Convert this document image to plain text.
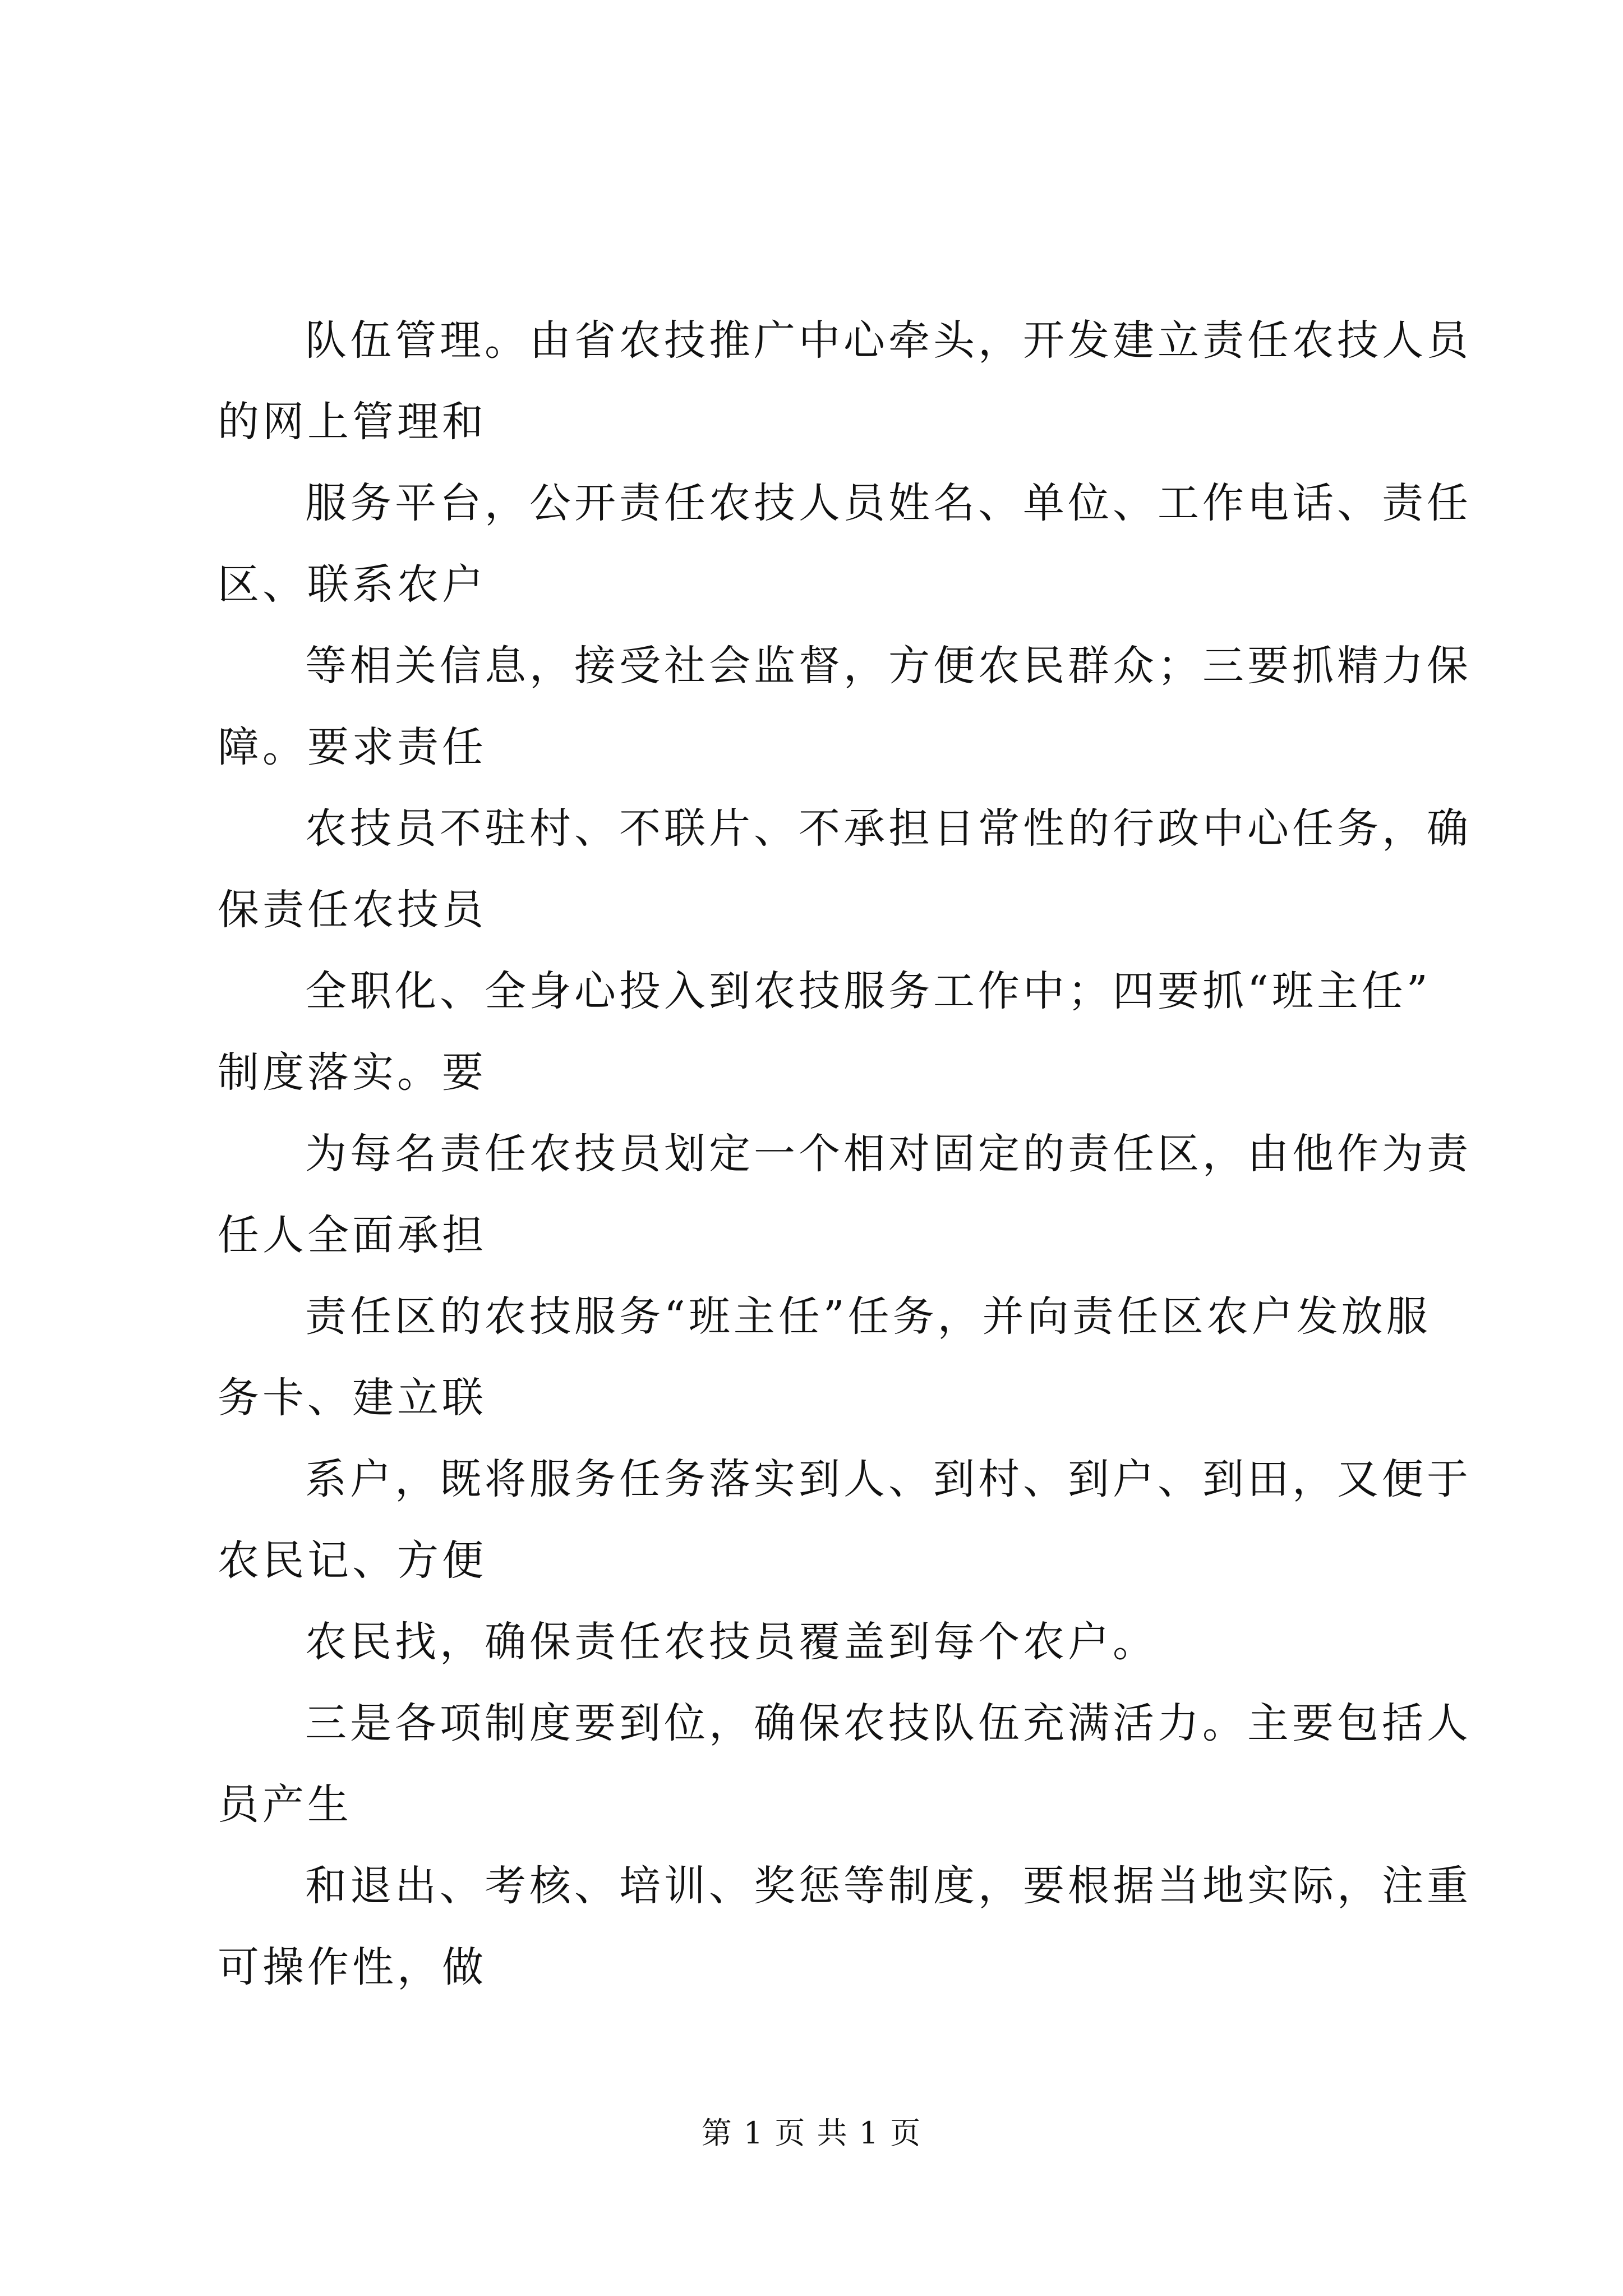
队伍管理。由省农技推广中心牵头，开发建立责任农技人员
的网上管理和
服务平台，公开责任农技人员姓名、单位、工作电话、责任
区、联系农户
等相关信息，接受社会监督，方便农民群众；三要抓精力保
障。要求责任
农技员不驻村、不联片、不承担日常性的行政中心任务，确
保责任农技员
全职化、全身心投入到农技服务工作中；四要抓“班主任”
制度落实。要
为每名责任农技员划定一个相对固定的责任区，由他作为责
任人全面承担
责任区的农技服务“班主任”任务，并向责任区农户发放服
务卡、建立联
系户，既将服务任务落实到人、到村、到户、到田，又便于
农民记、方便
农民找，确保责任农技员覆盖到每个农户。
三是各项制度要到位，确保农技队伍充满活力。主要包括人
员产生
和退出、考核、培训、奖惩等制度，要根据当地实际，注重
可操作性，做
第 1 页 共 1 页
